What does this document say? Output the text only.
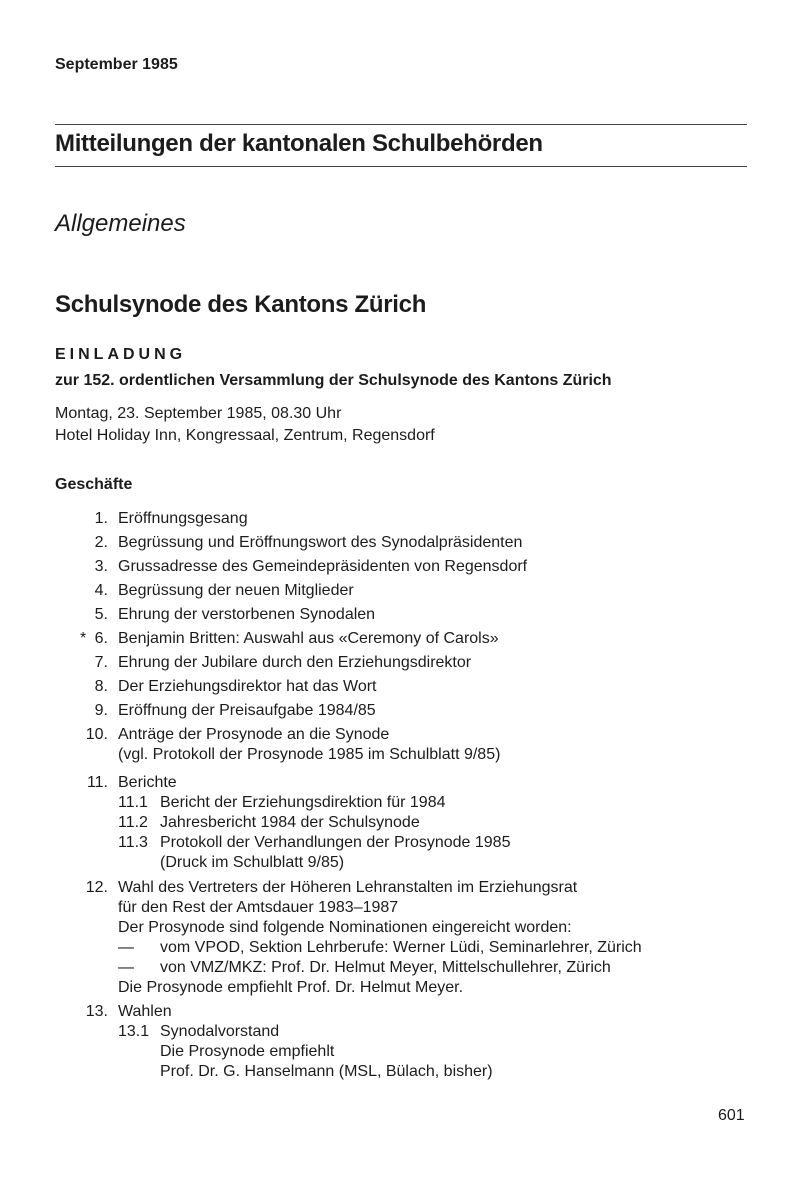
September 1985
Mitteilungen der kantonalen Schulbehörden
Allgemeines
Schulsynode des Kantons Zürich
EINLADUNG
zur 152. ordentlichen Versammlung der Schulsynode des Kantons Zürich
Montag, 23. September 1985, 08.30 Uhr
Hotel Holiday Inn, Kongressaal, Zentrum, Regensdorf
Geschäfte
1. Eröffnungsgesang
2. Begrüssung und Eröffnungswort des Synodalpräsidenten
3. Grussadresse des Gemeindepräsidenten von Regensdorf
4. Begrüssung der neuen Mitglieder
5. Ehrung der verstorbenen Synodalen
* 6. Benjamin Britten: Auswahl aus «Ceremony of Carols»
7. Ehrung der Jubilare durch den Erziehungsdirektor
8. Der Erziehungsdirektor hat das Wort
9. Eröffnung der Preisaufgabe 1984/85
10. Anträge der Prosynode an die Synode
(vgl. Protokoll der Prosynode 1985 im Schulblatt 9/85)
11. Berichte
11.1 Bericht der Erziehungsdirektion für 1984
11.2 Jahresbericht 1984 der Schulsynode
11.3 Protokoll der Verhandlungen der Prosynode 1985
(Druck im Schulblatt 9/85)
12. Wahl des Vertreters der Höheren Lehranstalten im Erziehungsrat
für den Rest der Amtsdauer 1983–1987
Der Prosynode sind folgende Nominationen eingereicht worden:
— vom VPOD, Sektion Lehrberufe: Werner Lüdi, Seminarlehrer, Zürich
— von VMZ/MKZ: Prof. Dr. Helmut Meyer, Mittelschullehrer, Zürich
Die Prosynode empfiehlt Prof. Dr. Helmut Meyer.
13. Wahlen
13.1 Synodalvorstand
Die Prosynode empfiehlt
Prof. Dr. G. Hanselmann (MSL, Bülach, bisher)
601
